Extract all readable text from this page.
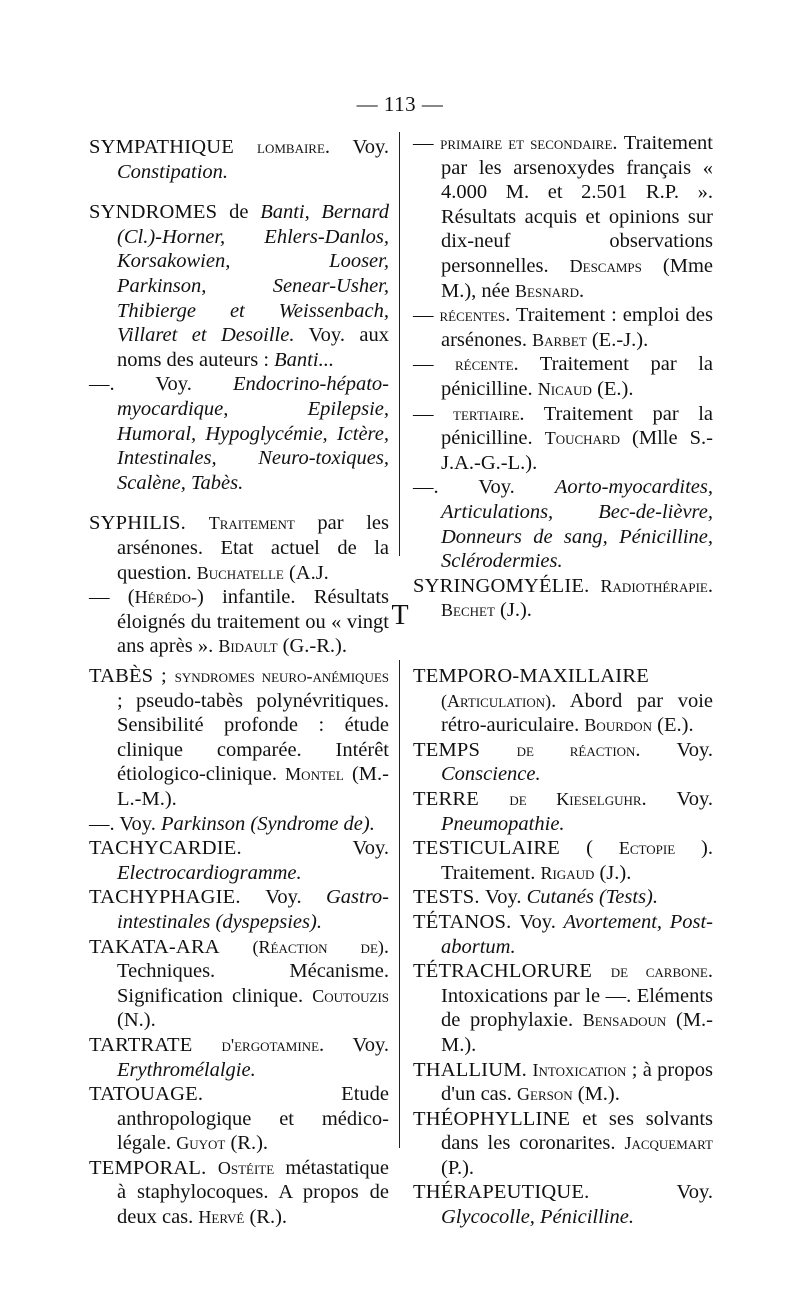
— 113 —

SYMPATHIQUE lombaire. Voy. Constipation.

SYNDROMES de Banti, Bernard (Cl.)-Horner, Ehlers-Danlos, Korsakowien, Looser, Parkinson, Senear-Usher, Thibierge et Weissenbach, Villaret et Desoille. Voy. aux noms des auteurs : Banti...

—. Voy. Endocrino-hépato-myocardique, Epilepsie, Humoral, Hypoglycémie, Ictère, Intestinales, Neuro-toxiques, Scalène, Tabès.

SYPHILIS. Traitement par les arsénones. Etat actuel de la question. Buchatelle (A.J.

— (Hérédo-) infantile. Résultats éloignés du traitement ou « vingt ans après ». Bidault (G.-R.).

— primaire et secondaire. Traitement par les arsenoxydes français « 4.000 M. et 2.501 R.P. ». Résultats acquis et opinions sur dix-neuf observations personnelles. Descamps (Mme M.), née Besnard.

— récentes. Traitement : emploi des arsénones. Barbet (E.-J.).

— récente. Traitement par la pénicilline. Nicaud (E.).

— tertiaire. Traitement par la pénicilline. Touchard (Mlle S.-J.A.-G.-L.).

—. Voy. Aorto-myocardites, Articulations, Bec-de-lièvre, Donneurs de sang, Pénicilline, Sclérodermies.

SYRINGOMYÉLIE. Radiothérapie. Bechet (J.).

T

TABÈS ; syndromes neuro-anémiques ; pseudo-tabès polynévritiques. Sensibilité profonde : étude clinique comparée. Intérêt étiologico-clinique. Montel (M.-L.-M.).

—. Voy. Parkinson (Syndrome de).

TACHYCARDIE. Voy. Electrocardiogramme.

TACHYPHAGIE. Voy. Gastro-intestinales (dyspepsies).

TAKATA-ARA (Réaction de). Techniques. Mécanisme. Signification clinique. Coutouzis (N.).

TARTRATE d'ergotamine. Voy. Erythromélalgie.

TATOUAGE. Etude anthropologique et médico-légale. Guyot (R.).

TEMPORAL. Ostéite métastatique à staphylocoques. A propos de deux cas. Hervé (R.).

TEMPORO-MAXILLAIRE (Articulation). Abord par voie rétro-auriculaire. Bourdon (E.).

TEMPS de réaction. Voy. Conscience.

TERRE de Kieselguhr. Voy. Pneumopathie.

TESTICULAIRE ( Ectopie ). Traitement. Rigaud (J.).

TESTS. Voy. Cutanés (Tests).

TÉTANOS. Voy. Avortement, Post-abortum.

TÉTRACHLORURE de carbone. Intoxications par le —. Eléments de prophylaxie. Bensadoun (M.-M.).

THALLIUM. Intoxication ; à propos d'un cas. Gerson (M.).

THÉOPHYLLINE et ses solvants dans les coronarites. Jacquemart (P.).

THÉRAPEUTIQUE. Voy. Glycocolle, Pénicilline.
